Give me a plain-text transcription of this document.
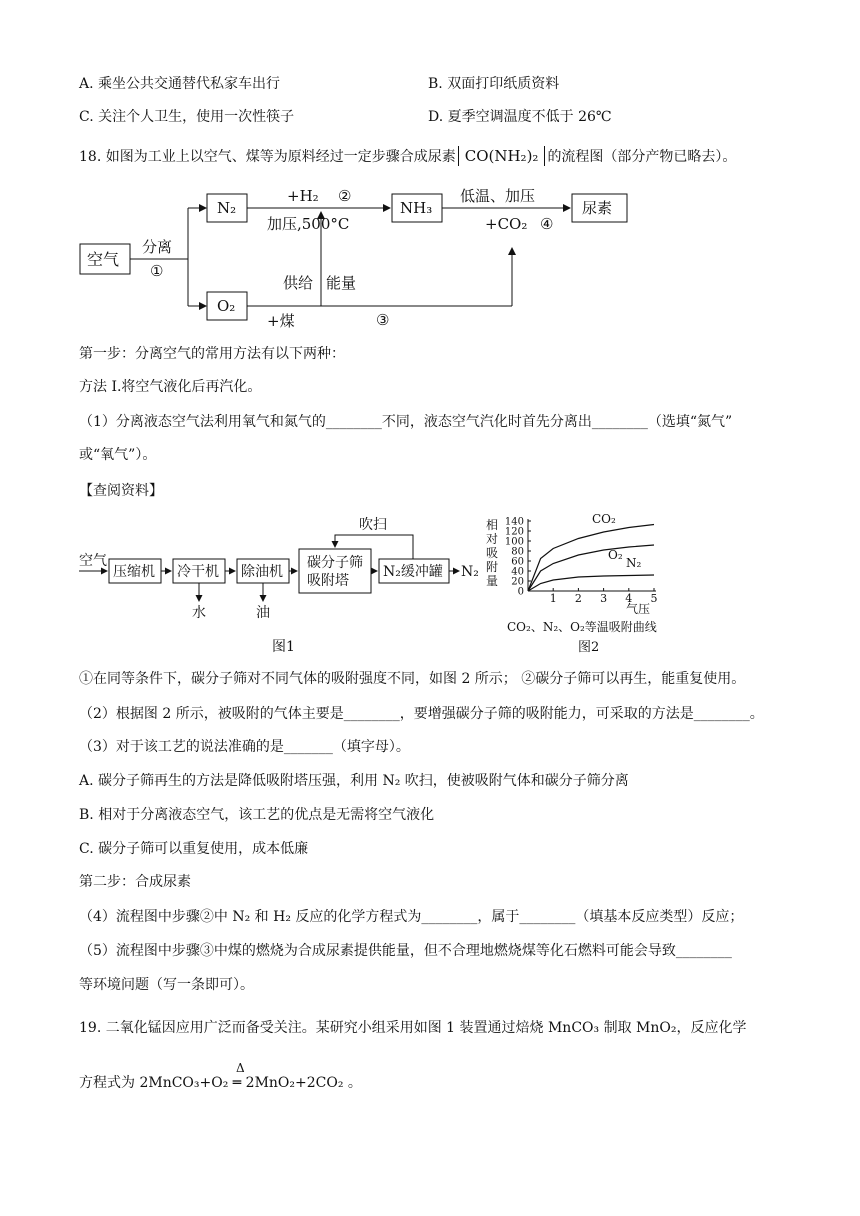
A. 乘坐公共交通替代私家车出行	B. 双面打印纸质资料
C. 关注个人卫生，使用一次性筷子	D. 夏季空调温度不低于 26℃
18. 如图为工业上以空气、煤等为原料经过一定步骤合成尿素 CO(NH₂)₂ 的流程图（部分产物已略去）。
空气
分离
①
N₂
O₂
+H₂ ②
加压,500°C
NH₃
低温、加压
+CO₂ ④
尿素
供给 能量
+煤	③
第一步：分离空气的常用方法有以下两种：
方法 I.将空气液化后再汽化。
（1）分离液态空气法利用氧气和氮气的________不同，液态空气汽化时首先分离出________（选填“氮气”
或“氧气”）。
【查阅资料】
空气
压缩机 冷干机 除油机
碳分子筛
吸附塔
N₂缓冲罐 N₂
吹扫
水	油
图1
相
对
吸
附
量
140
120
100
80
60
40
20
0 1 2 3 4 5
CO₂
O₂
N₂
气压
CO₂、N₂、O₂等温吸附曲线
图2
①在同等条件下，碳分子筛对不同气体的吸附强度不同，如图 2 所示； ②碳分子筛可以再生，能重复使用。
（2）根据图 2 所示，被吸附的气体主要是________，要增强碳分子筛的吸附能力，可采取的方法是________。
（3）对于该工艺的说法准确的是_______（填字母）。
A. 碳分子筛再生的方法是降低吸附塔压强，利用 N₂ 吹扫，使被吸附气体和碳分子筛分离
B. 相对于分离液态空气，该工艺的优点是无需将空气液化
C. 碳分子筛可以重复使用，成本低廉
第二步：合成尿素
（4）流程图中步骤②中 N₂ 和 H₂ 反应的化学方程式为________，属于________（填基本反应类型）反应；
（5）流程图中步骤③中煤的燃烧为合成尿素提供能量，但不合理地燃烧煤等化石燃料可能会导致________
等环境问题（写一条即可）。
19. 二氧化锰因应用广泛而备受关注。某研究小组采用如图 1 装置通过焙烧 MnCO₃ 制取 MnO₂，反应化学
Δ
方程式为 2MnCO₃+O₂ ═ 2MnO₂+2CO₂ 。
